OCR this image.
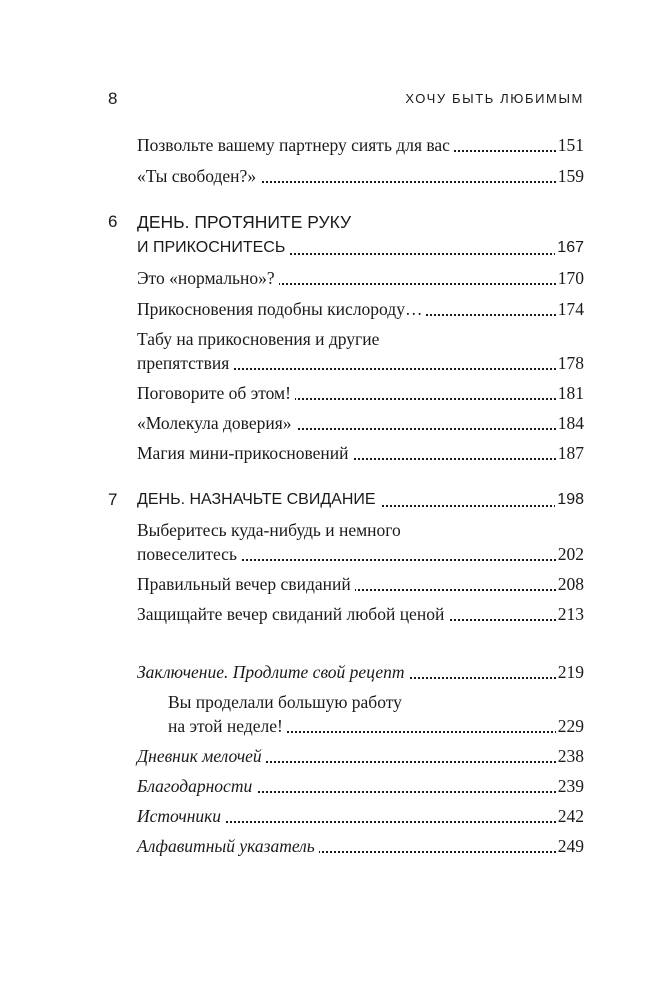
8	ХОЧУ БЫТЬ ЛЮБИМЫМ
Позвольте вашему партнеру сиять для вас	151
«Ты свободен?»	159
6 ДЕНЬ. ПРОТЯНИТЕ РУКУ
И ПРИКОСНИТЕСЬ	167
Это «нормально»?	170
Прикосновения подобны кислороду…	174
Табу на прикосновения и другие
препятствия	178
Поговорите об этом!	181
«Молекула доверия»	184
Магия мини-прикосновений	187
7 ДЕНЬ. НАЗНАЧЬТЕ СВИДАНИЕ	198
Выберитесь куда-нибудь и немного
повеселитесь	202
Правильный вечер свиданий	208
Защищайте вечер свиданий любой ценой	213
Заключение. Продлите свой рецепт	219
Вы проделали большую работу
на этой неделе!	229
Дневник мелочей	238
Благодарности	239
Источники	242
Алфавитный указатель	249
